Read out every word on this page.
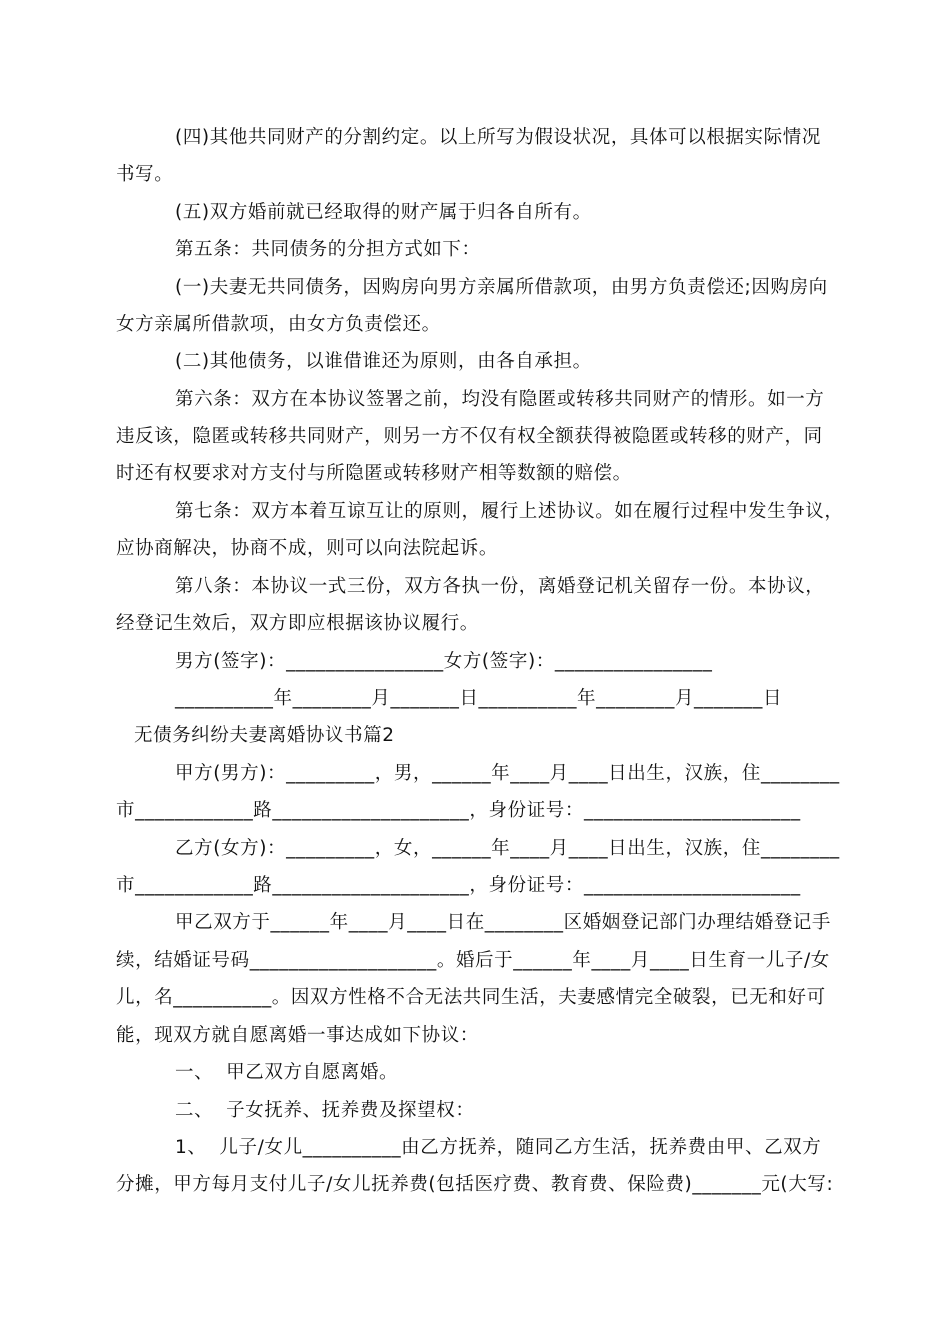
(四)其他共同财产的分割约定。以上所写为假设状况，具体可以根据实际情况
书写。
(五)双方婚前就已经取得的财产属于归各自所有。
第五条：共同债务的分担方式如下：
(一)夫妻无共同债务，因购房向男方亲属所借款项，由男方负责偿还;因购房向
女方亲属所借款项，由女方负责偿还。
(二)其他债务，以谁借谁还为原则，由各自承担。
第六条：双方在本协议签署之前，均没有隐匿或转移共同财产的情形。如一方
违反该，隐匿或转移共同财产，则另一方不仅有权全额获得被隐匿或转移的财产，同
时还有权要求对方支付与所隐匿或转移财产相等数额的赔偿。
第七条：双方本着互谅互让的原则，履行上述协议。如在履行过程中发生争议，
应协商解决，协商不成，则可以向法院起诉。
第八条：本协议一式三份，双方各执一份，离婚登记机关留存一份。本协议，
经登记生效后，双方即应根据该协议履行。
男方(签字)：________________女方(签字)：________________
__________年________月_______日__________年________月_______日
无债务纠纷夫妻离婚协议书篇2
甲方(男方)：_________，男，______年____月____日出生，汉族，住________
市____________路____________________，身份证号：______________________
乙方(女方)：_________，女，______年____月____日出生，汉族，住________
市____________路____________________，身份证号：______________________
甲乙双方于______年____月____日在________区婚姻登记部门办理结婚登记手
续，结婚证号码___________________。婚后于______年____月____日生育一儿子/女
儿，名__________。因双方性格不合无法共同生活，夫妻感情完全破裂，已无和好可
能，现双方就自愿离婚一事达成如下协议：
一、  甲乙双方自愿离婚。
二、  子女抚养、抚养费及探望权：
1、  儿子/女儿__________由乙方抚养，随同乙方生活，抚养费由甲、乙双方
分摊，甲方每月支付儿子/女儿抚养费(包括医疗费、教育费、保险费)_______元(大写:
